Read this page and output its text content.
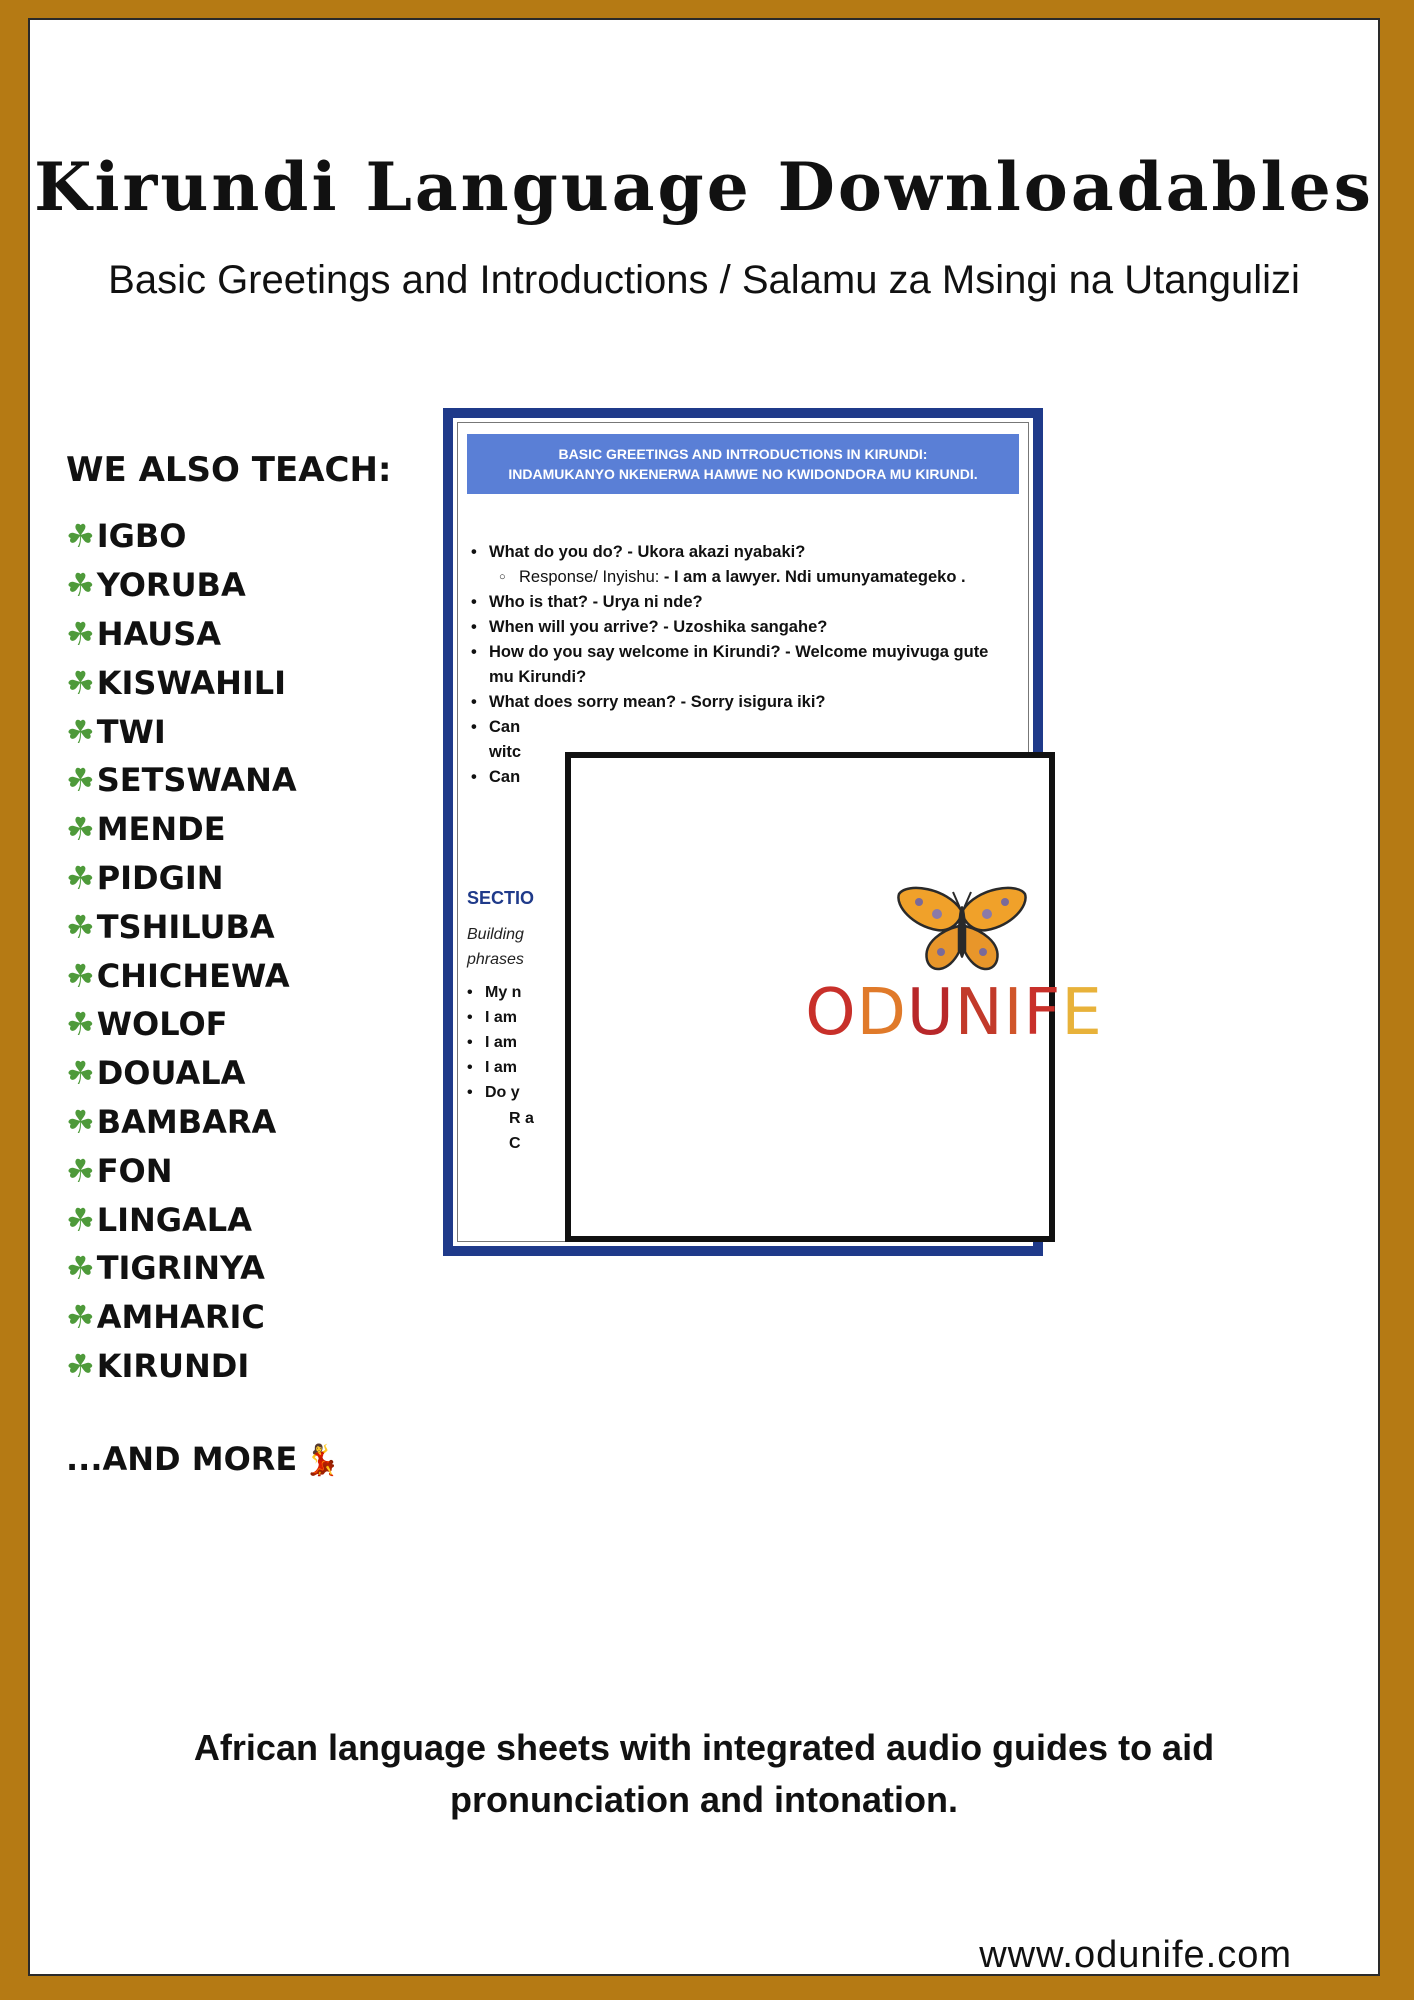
Kirundi Language Downloadables
Basic Greetings and Introductions / Salamu za Msingi na Utangulizi
WE ALSO TEACH:
☘ IGBO
☘ YORUBA
☘ HAUSA
☘ KISWAHILI
☘ TWI
☘ SETSWANA
☘ MENDE
☘ PIDGIN
☘ TSHILUBA
☘ CHICHEWA
☘ WOLOF
☘ DOUALA
☘ BAMBARA
☘ FON
☘ LINGALA
☘ TIGRINYA
☘ AMHARIC
☘ KIRUNDI
...AND MORE 💃
African language sheets with integrated audio guides to aid
pronunciation and intonation.
www.odunife.com
BASIC GREETINGS AND INTRODUCTIONS IN KIRUNDI:
INDAMUKANYO NKENERWA HAMWE NO KWIDONDORA MU KIRUNDI.
• What do you do? - Ukora akazi nyabaki?
○ Response/ Inyishu: - I am a lawyer. Ndi umunyamategeko .
• Who is that? - Urya ni nde?
• When will you arrive? - Uzoshika sangahe?
• How do you say welcome in Kirundi? - Welcome muyivuga gute mu Kirundi?
• What does sorry mean? - Sorry isigura iki?
• Can
witc
• Can
SECTIO
Building phrases
• My n
• I am
• I am
• I am
• Do y
R a C
ODUNIFE
